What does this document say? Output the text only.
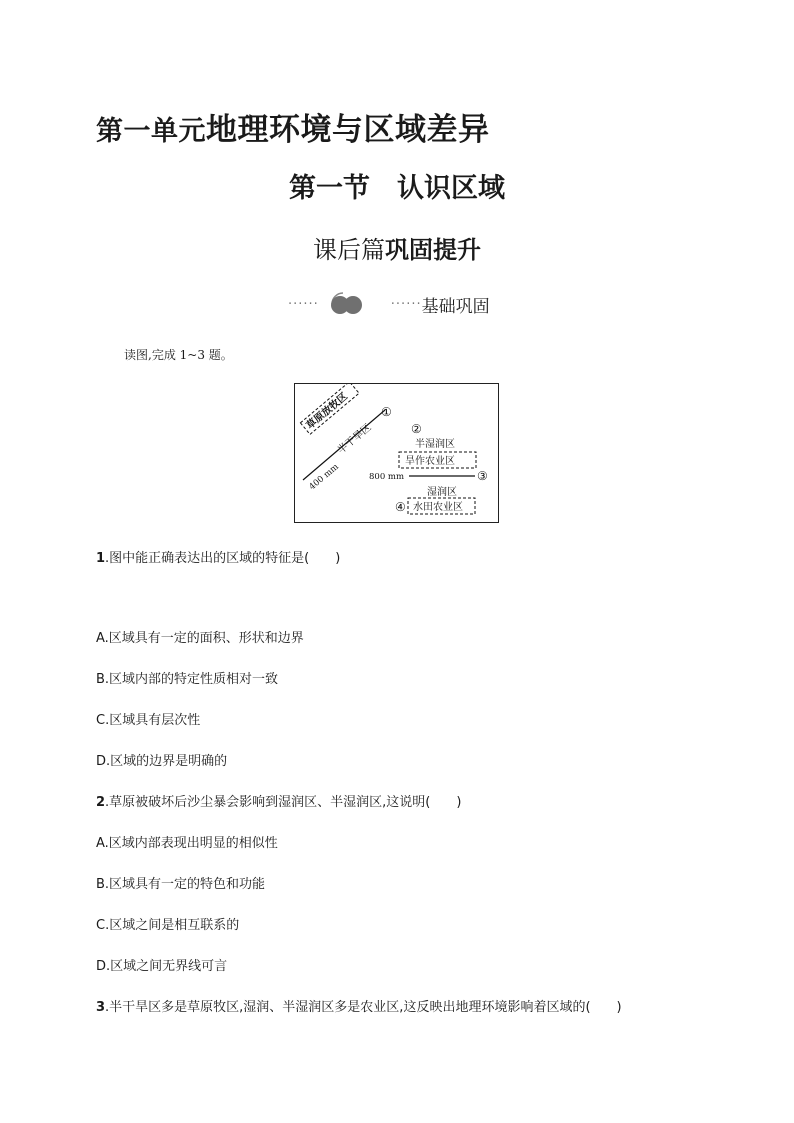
第一单元地理环境与区域差异
第一节　认识区域
课后篇巩固提升
······	······ 基础巩固
读图,完成 1~3 题。
草原放牧区	①
半干旱区
400 mm
②
半湿润区
旱作农业区
800 mm	③
湿润区
④ 水田农业区
1.图中能正确表达出的区域的特征是(　　)
A.区域具有一定的面积、形状和边界
B.区域内部的特定性质相对一致
C.区域具有层次性
D.区域的边界是明确的
2.草原被破坏后沙尘暴会影响到湿润区、半湿润区,这说明(　　)
A.区域内部表现出明显的相似性
B.区域具有一定的特色和功能
C.区域之间是相互联系的
D.区域之间无界线可言
3.半干旱区多是草原牧区,湿润、半湿润区多是农业区,这反映出地理环境影响着区域的(　　)
